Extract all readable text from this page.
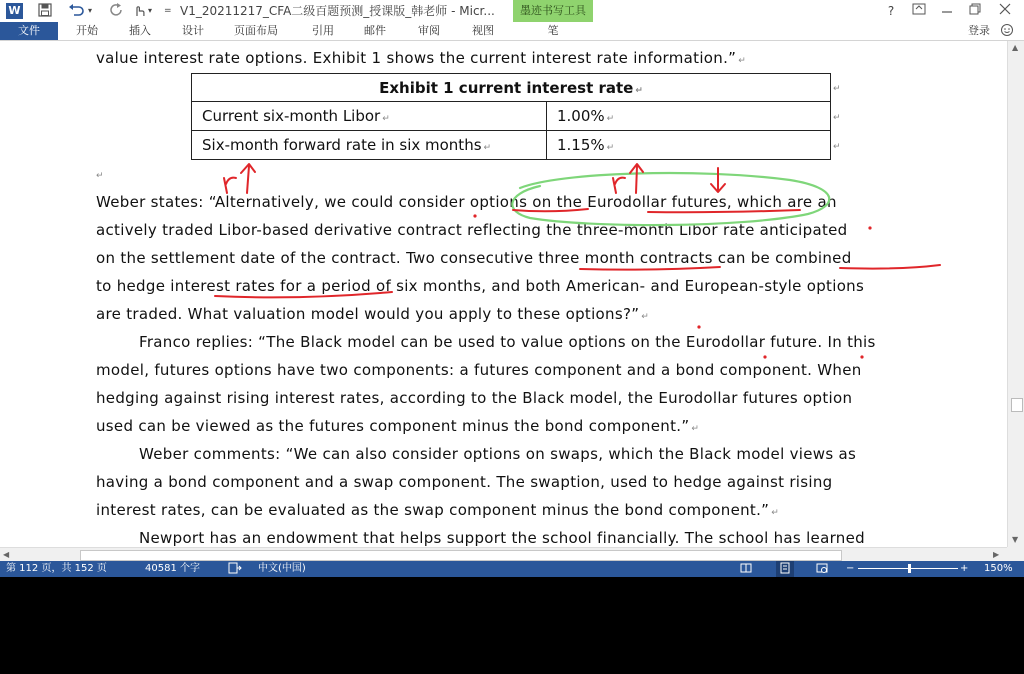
W	▾	▾ = V1_20211217_CFA二级百题预测_授课版_韩老师 - Micr...	墨迹书写工具	?
文件	开始	插入	设计	页面布局	引用	邮件	审阅	视图	笔	登录
value interest rate options. Exhibit 1 shows the current interest rate information.” ↵
Exhibit 1 current interest rate ↵	
Current six-month Libor ↵	1.00% ↵
Six-month forward rate in six months ↵	1.15% ↵
↵
↵
↵
↵
Weber states: “Alternatively, we could consider options on the Eurodollar futures, which are an
actively traded Libor-based derivative contract reflecting the three-month Libor rate anticipated
on the settlement date of the contract. Two consecutive three month contracts can be combined
to hedge interest rates for a period of six months, and both American- and European-style options
are traded. What valuation model would you apply to these options?” ↵
Franco replies: “The Black model can be used to value options on the Eurodollar future. In this
model, futures options have two components: a futures component and a bond component. When
hedging against rising interest rates, according to the Black model, the Eurodollar futures option
used can be viewed as the futures component minus the bond component.” ↵
Weber comments: “We can also consider options on swaps, which the Black model views as
having a bond component and a swap component. The swaption, used to hedge against rising
interest rates, can be evaluated as the swap component minus the bond component.” ↵
Newport has an endowment that helps support the school financially. The school has learned
▲
▼
◀	▶
第 112 页，共 152 页	40581 个字	中文(中国)	−	+ 150%
